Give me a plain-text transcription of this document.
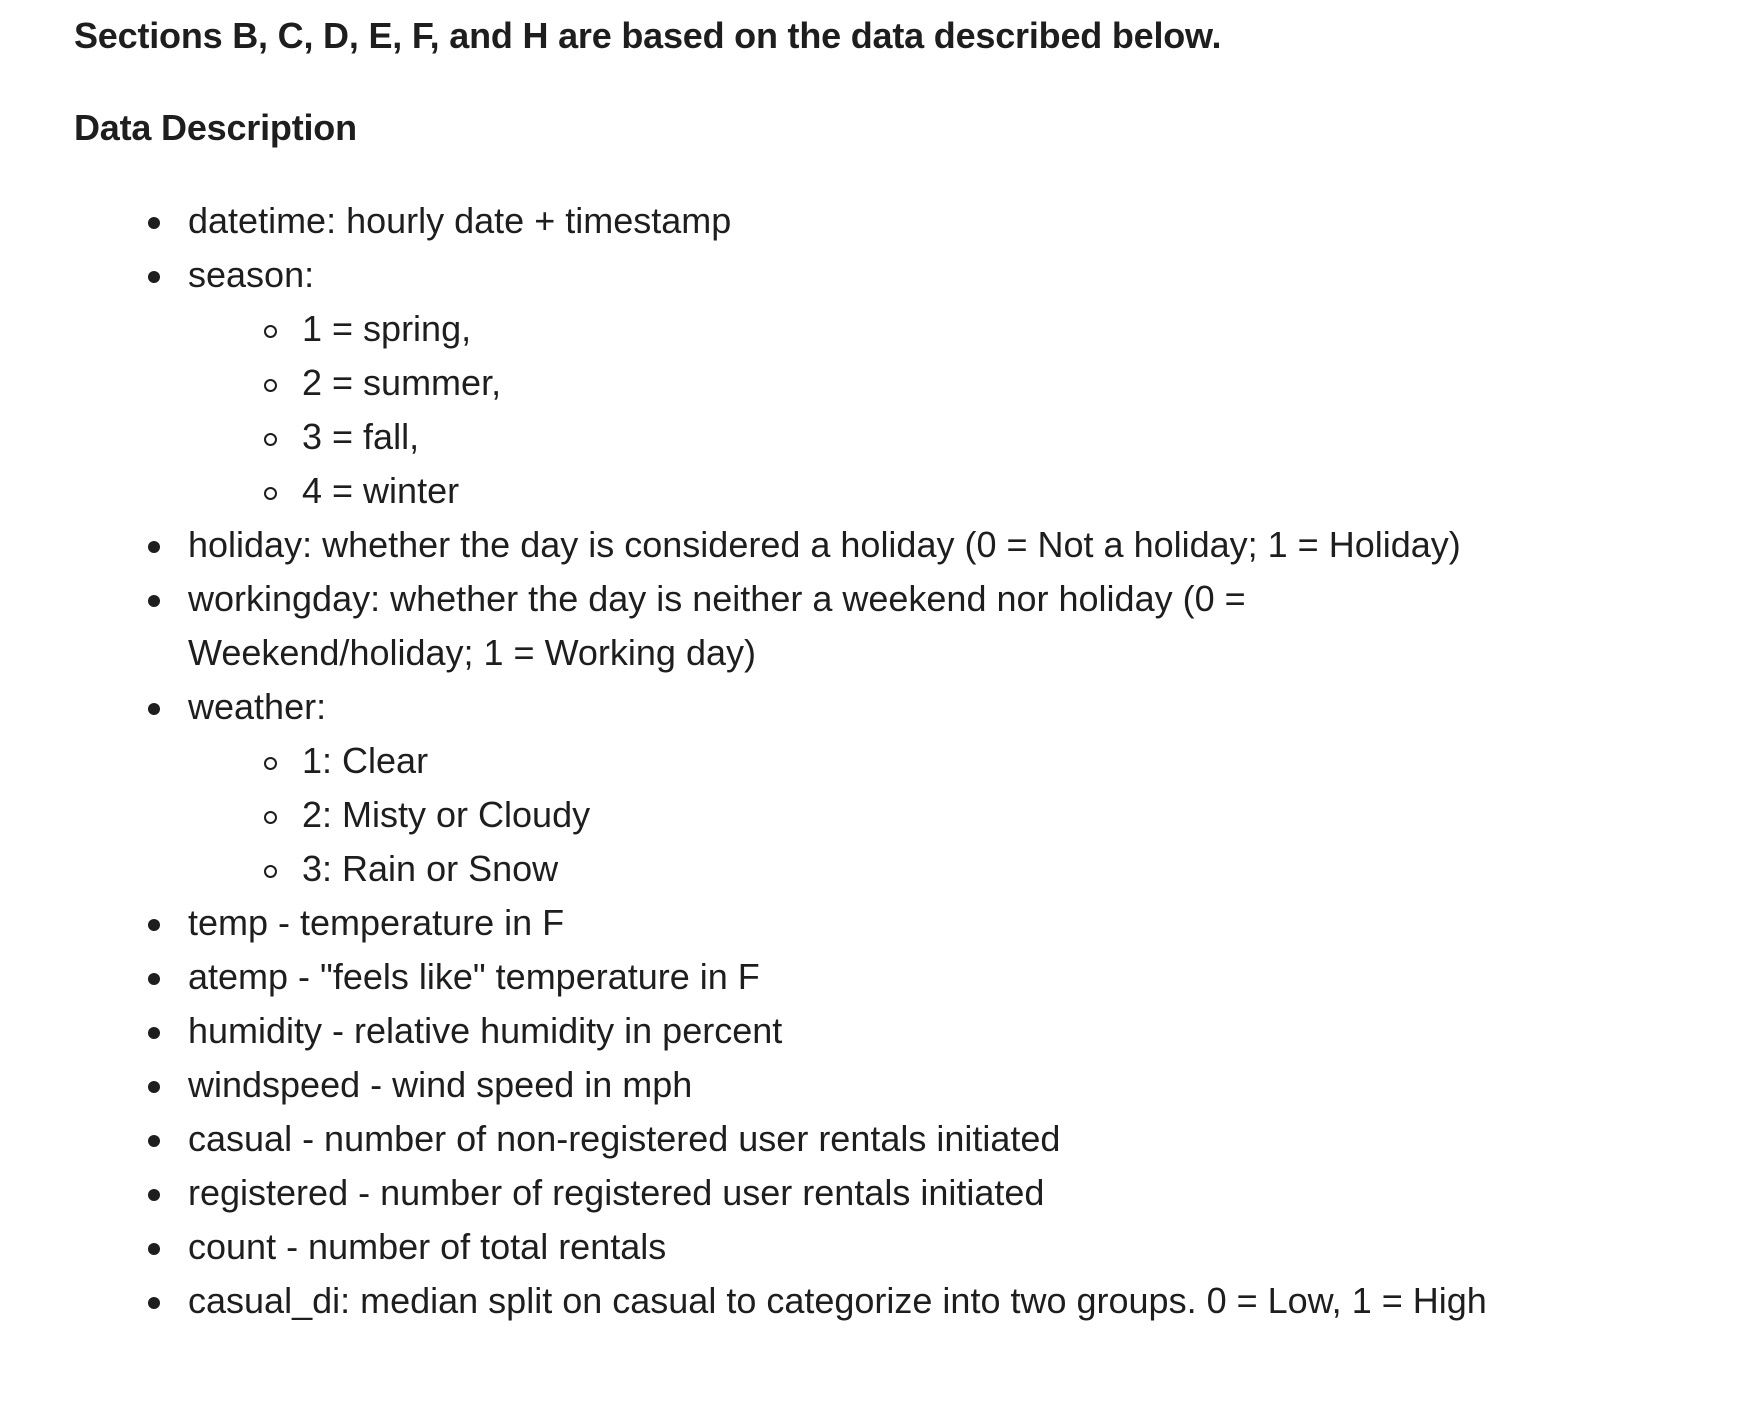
Sections B, C, D, E, F, and H are based on the data described below.

Data Description

datetime: hourly date + timestamp
season:
1 = spring,
2 = summer,
3 = fall,
4 = winter
holiday: whether the day is considered a holiday (0 = Not a holiday; 1 = Holiday)
workingday: whether the day is neither a weekend nor holiday (0 = Weekend/holiday; 1 = Working day)
weather:
1: Clear
2: Misty or Cloudy
3: Rain or Snow
temp - temperature in F
atemp - "feels like" temperature in F
humidity - relative humidity in percent
windspeed - wind speed in mph
casual - number of non-registered user rentals initiated
registered - number of registered user rentals initiated
count - number of total rentals
casual_di: median split on casual to categorize into two groups. 0 = Low, 1 = High
